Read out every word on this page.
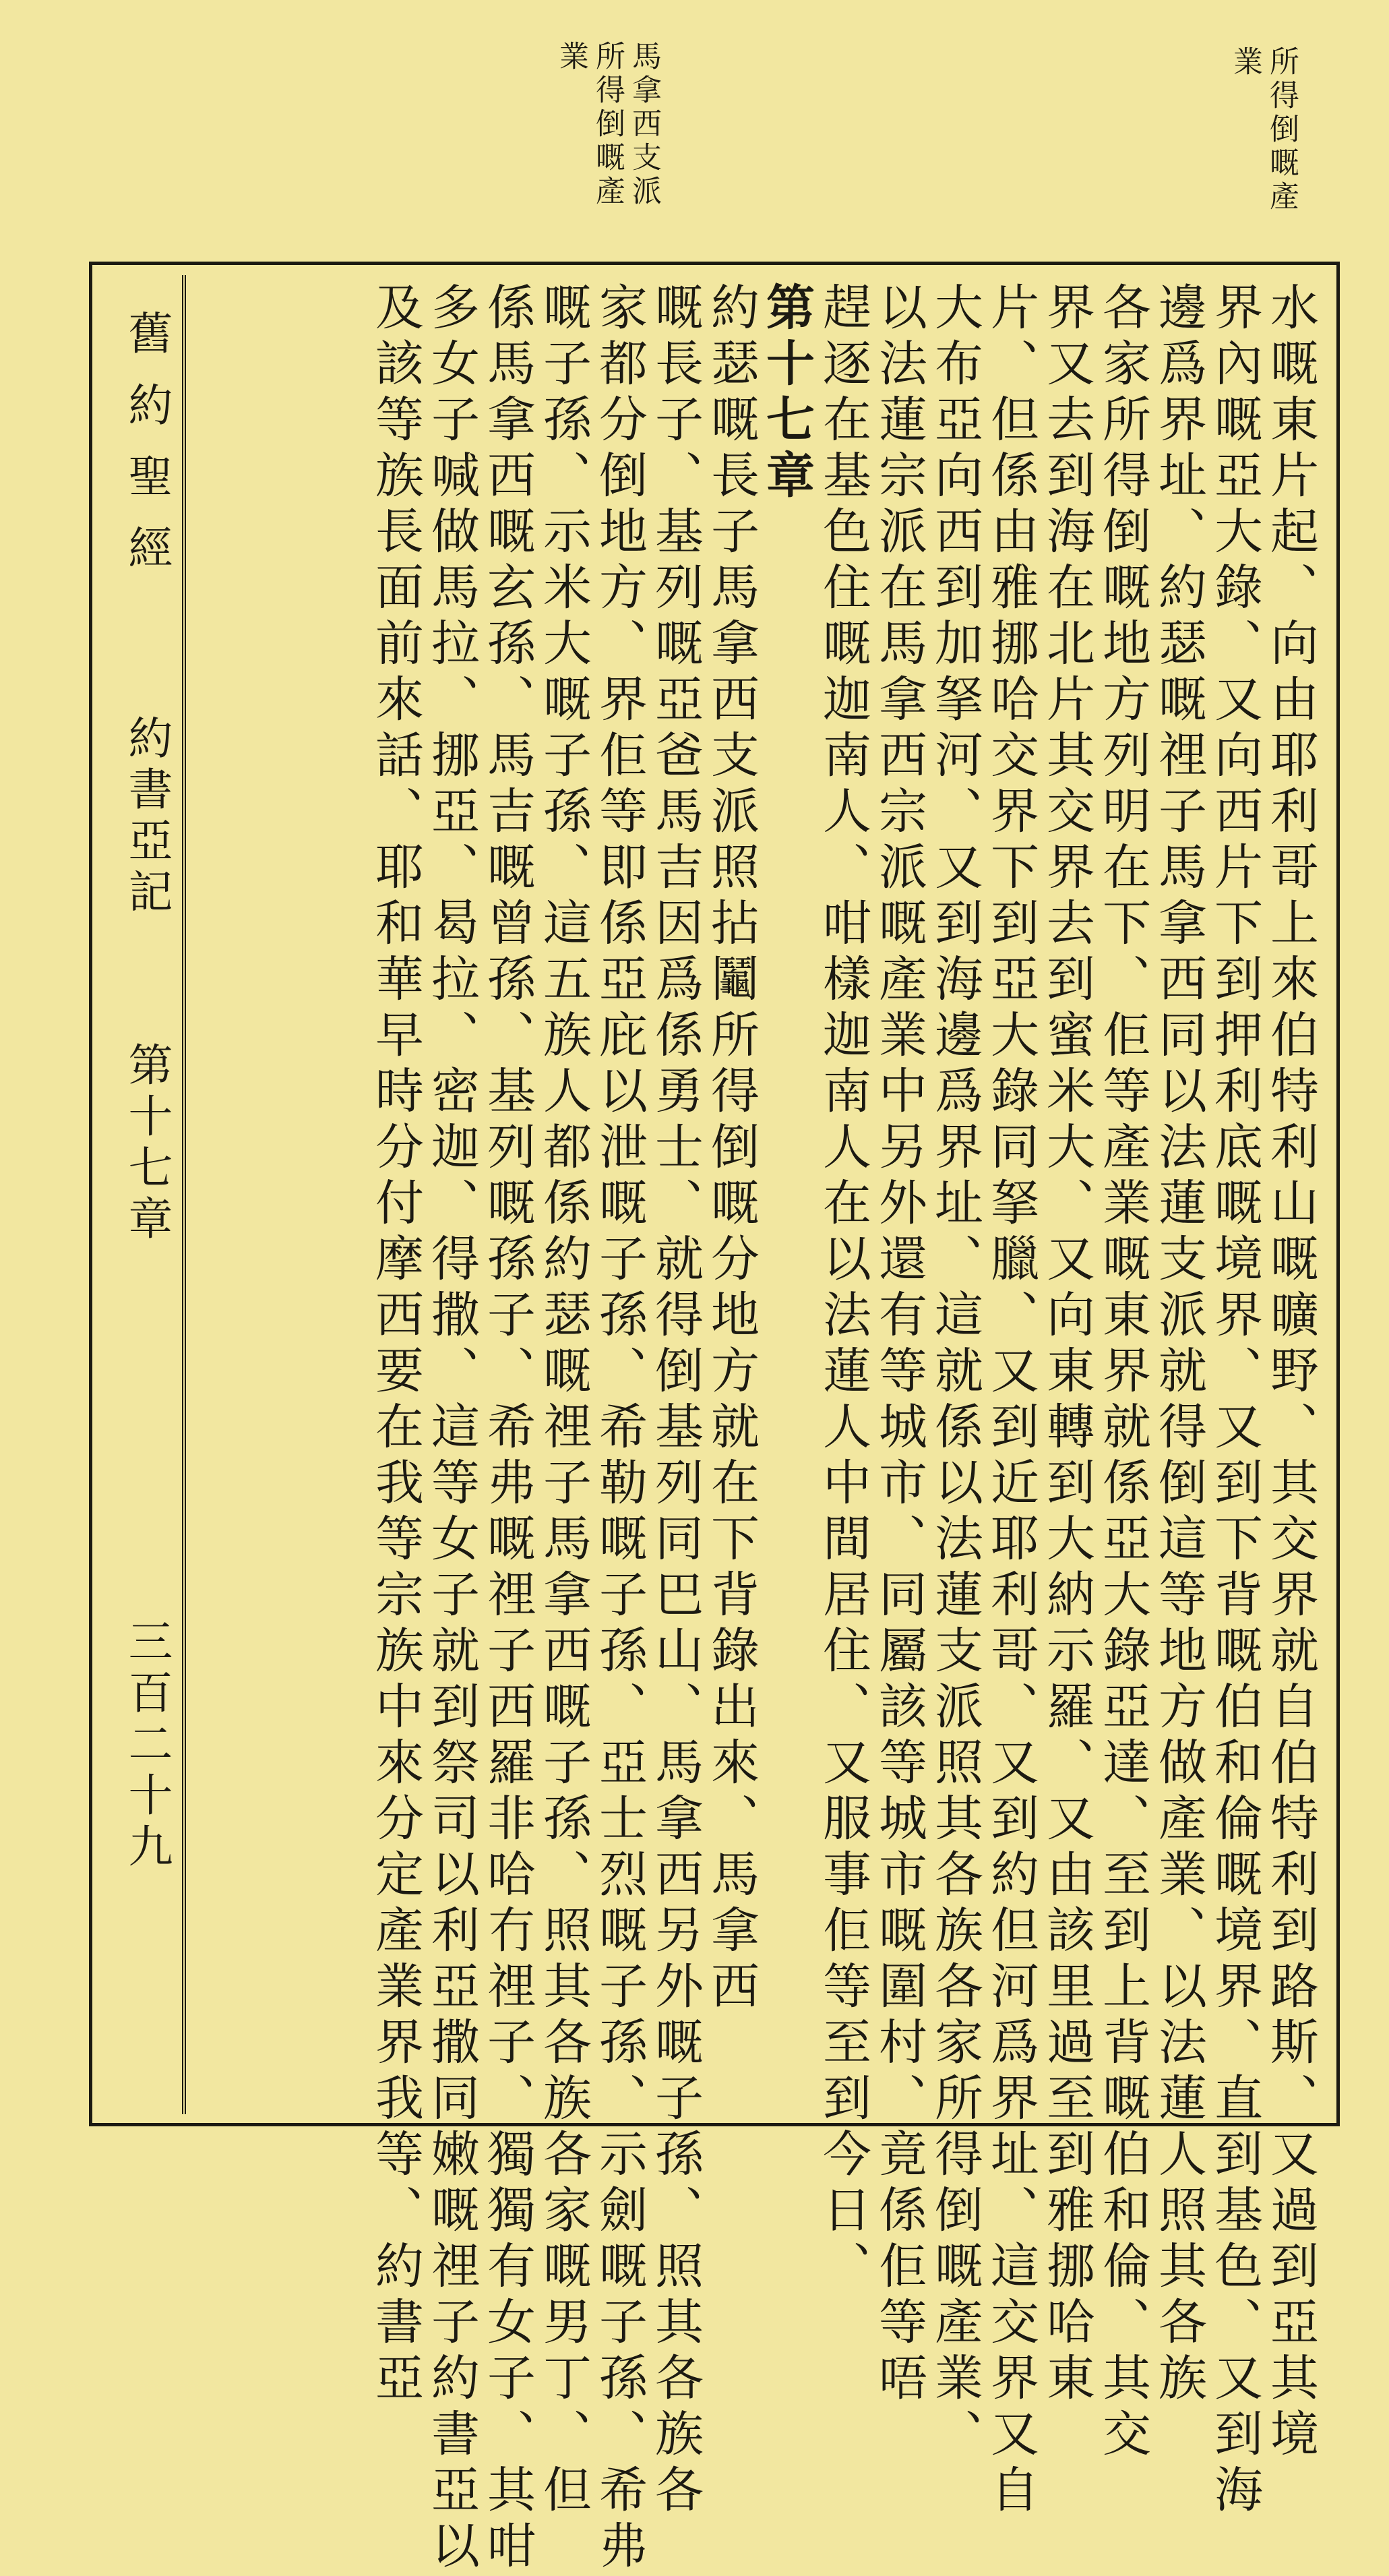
所得倒嘅產
業
馬拿西支派
所得倒嘅產
業
舊約聖經
約書亞記
第十七章
三百二十九	水嘅東片起、向由耶利哥上來伯特利山嘅曠野、其交界就自伯特利到路斯、又過到亞其境
界內嘅亞大錄、又向西片下到押利底嘅境界、又到下背嘅伯和倫嘅境界、直到基色、又到海
邊爲界址、約瑟嘅𥚃子馬拿西同以法蓮支派就得倒這等地方做產業、以法蓮人照其各族
各家所得倒嘅地方列明在下、佢等產業嘅東界就係亞大錄亞達、至到上背嘅伯和倫、其交
界又去到海在北片其交界去到蜜米大、又向東轉到大納示羅、又由該里過至到雅挪哈東
片、但係由雅挪哈交界下到亞大錄同拏臘、又到近耶利哥、又到約但河爲界址、這交界又自
大布亞向西到加拏河、又到海邊爲界址、這就係以法蓮支派照其各族各家所得倒嘅產業、
以法蓮宗派在馬拿西宗派嘅產業中另外還有等城市、同屬該等城市嘅圍村、竟係佢等唔
趕逐在基色住嘅迦南人、咁樣迦南人在以法蓮人中間居住、又服事佢等至到今日、
第十七章
約瑟嘅長子馬拿西支派照拈鬮所得倒嘅分地方就在下背錄出來、馬拿西
嘅長子、基列嘅亞爸馬吉因爲係勇士、就得倒基列同巴山、馬拿西另外嘅子孫、照其各族各
家都分倒地方、界佢等即係亞庇以泄嘅子孫、希勒嘅子孫、亞士烈嘅子孫、示劍嘅子孫、希弗
嘅子孫、示米大嘅子孫、這五族人都係約瑟嘅𥚃子馬拿西嘅子孫、照其各族各家嘅男丁、但
係馬拿西嘅玄孫、馬吉嘅曾孫、基列嘅孫子、希弗嘅𥚃子西羅非哈冇𥚃子、獨獨有女子、其咁
多女子喊做馬拉、挪亞、曷拉、密迦、得撒、這等女子就到祭司以利亞撒同嫩嘅𥚃子約書亞以
及該等族長面前來話、耶和華早時分付摩西要在我等宗族中來分定產業界我等、約書亞
